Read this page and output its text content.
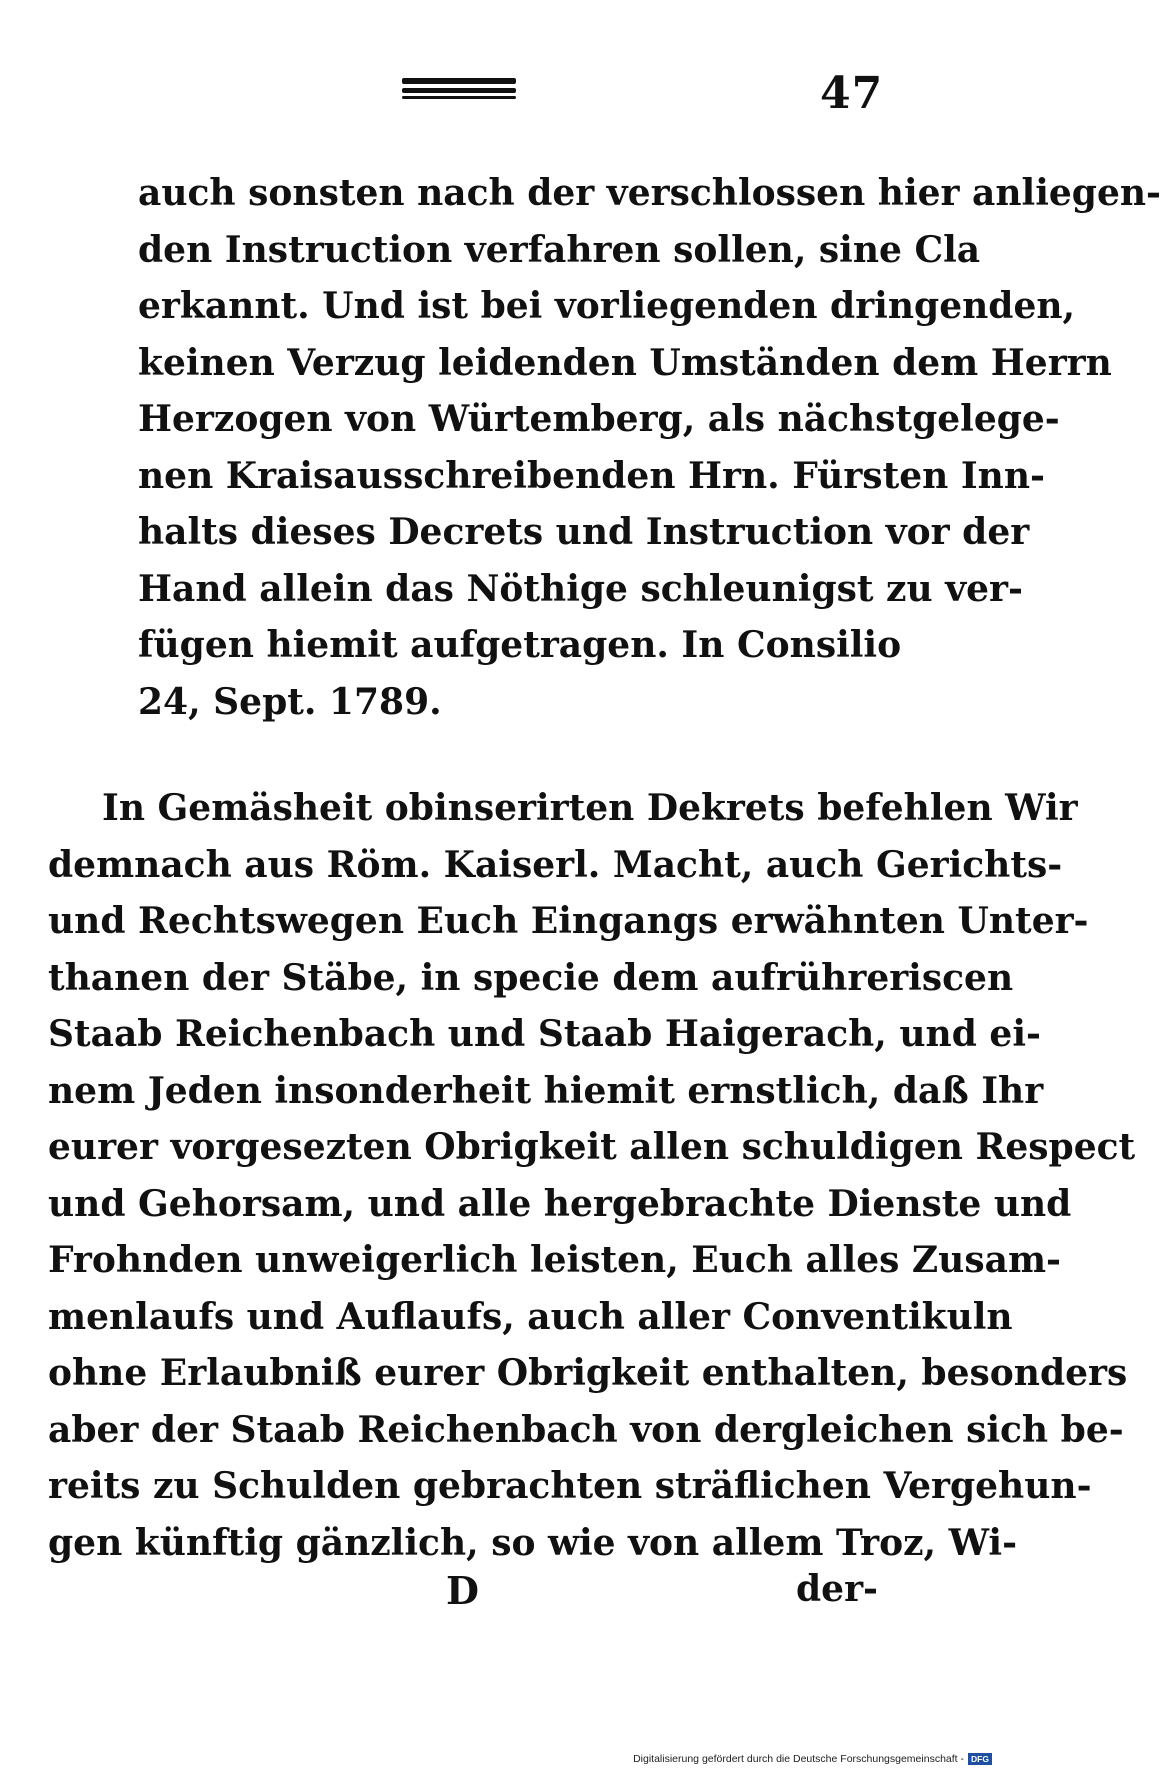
47
auch sonsten nach der verschlossen hier anliegen-
den Instruction verfahren sollen, sine Cla
erkannt. Und ist bei vorliegenden dringenden,
keinen Verzug leidenden Umständen dem Herrn
Herzogen von Würtemberg, als nächstgelege-
nen Kraisausschreibenden Hrn. Fürsten Inn-
halts dieses Decrets und Instruction vor der
Hand allein das Nöthige schleunigst zu ver-
fügen hiemit aufgetragen. In Consilio
24, Sept. 1789.
In Gemäsheit obinserirten Dekrets befehlen Wir
demnach aus Röm. Kaiserl. Macht, auch Gerichts-
und Rechtswegen Euch Eingangs erwähnten Unter-
thanen der Stäbe, in specie dem aufrühreriscen
Staab Reichenbach und Staab Haigerach, und ei-
nem Jeden insonderheit hiemit ernstlich, daß Ihr
eurer vorgesezten Obrigkeit allen schuldigen Respect
und Gehorsam, und alle hergebrachte Dienste und
Frohnden unweigerlich leisten, Euch alles Zusam-
menlaufs und Auflaufs, auch aller Conventikuln
ohne Erlaubniß eurer Obrigkeit enthalten, besonders
aber der Staab Reichenbach von dergleichen sich be-
reits zu Schulden gebrachten sträflichen Vergehun-
gen künftig gänzlich, so wie von allem Troz, Wi-
D	der-
Digitalisierung gefördert durch die Deutsche Forschungsgemeinschaft - DFG
